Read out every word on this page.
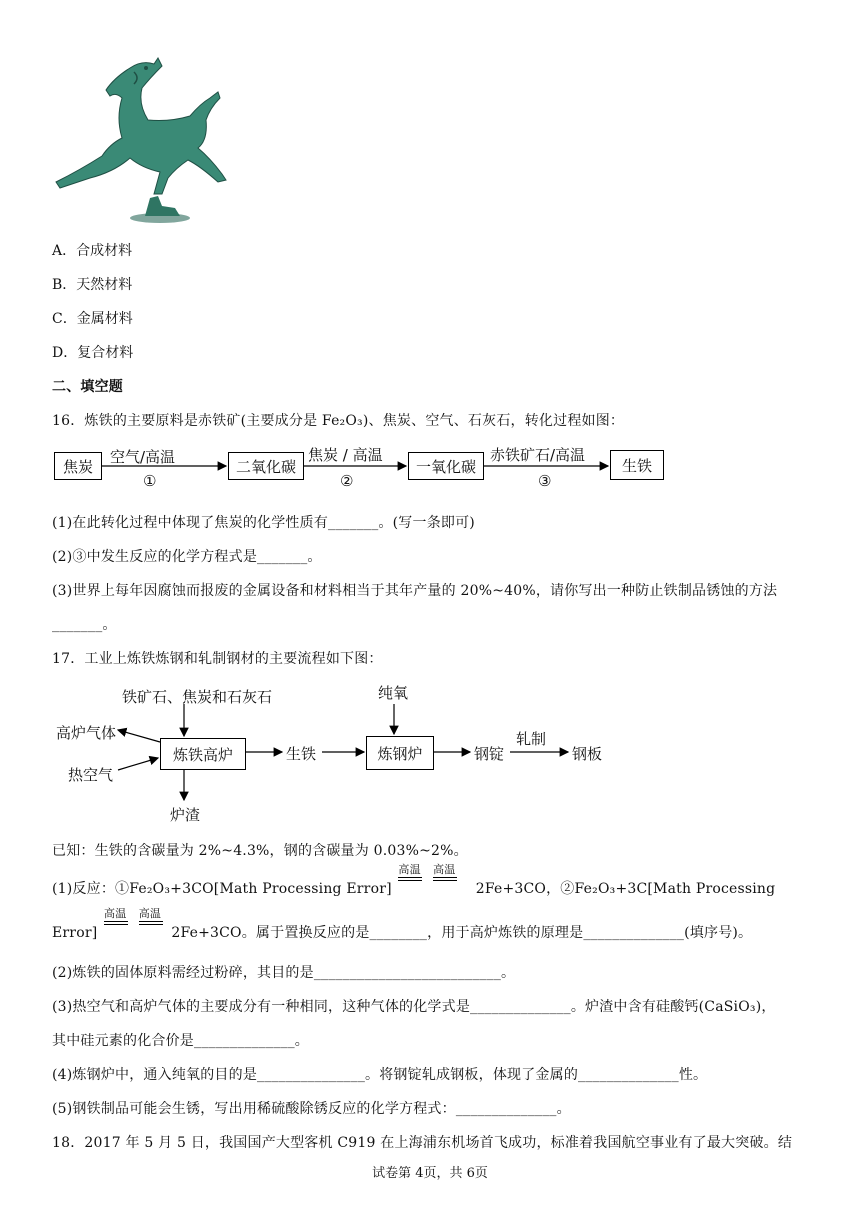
A．合成材料
B．天然材料
C．金属材料
D．复合材料
二、填空题
16．炼铁的主要原料是赤铁矿(主要成分是 Fe₂O₃)、焦炭、空气、石灰石，转化过程如图：
焦炭	二氧化碳	一氧化碳	生铁
空气/高温
①
焦炭 / 高温
②
赤铁矿石/高温
③
(1)在此转化过程中体现了焦炭的化学性质有_______。(写一条即可)
(2)③中发生反应的化学方程式是_______。
(3)世界上每年因腐蚀而报废的金属设备和材料相当于其年产量的 20%~40%，请你写出一种防止铁制品锈蚀的方法
_______。
17．工业上炼铁炼钢和轧制钢材的主要流程如下图：
铁矿石、焦炭和石灰石
高炉气体
热空气
炼铁高炉
炉渣
生铁
纯氧
炼钢炉	钢锭
轧制
钢板
已知：生铁的含碳量为 2%~4.3%，钢的含碳量为 0.03%~2%。
(1)反应：①Fe₂O₃+3CO[Math Processing Error]
高温
高温
2Fe+3CO，②Fe₂O₃+3C[Math Processing
Error]
高温
高温
2Fe+3CO。属于置换反应的是________，用于高炉炼铁的原理是______________(填序号)。
(2)炼铁的固体原料需经过粉碎，其目的是__________________________。
(3)热空气和高炉气体的主要成分有一种相同，这种气体的化学式是______________。炉渣中含有硅酸钙(CaSiO₃)，
其中硅元素的化合价是______________。
(4)炼钢炉中，通入纯氧的目的是_______________。将钢锭轧成钢板，体现了金属的______________性。
(5)钢铁制品可能会生锈，写出用稀硫酸除锈反应的化学方程式：______________。
18．2017 年 5 月 5 日，我国国产大型客机 C919 在上海浦东机场首飞成功，标准着我国航空事业有了最大突破。结
试卷第 4页，共 6页
